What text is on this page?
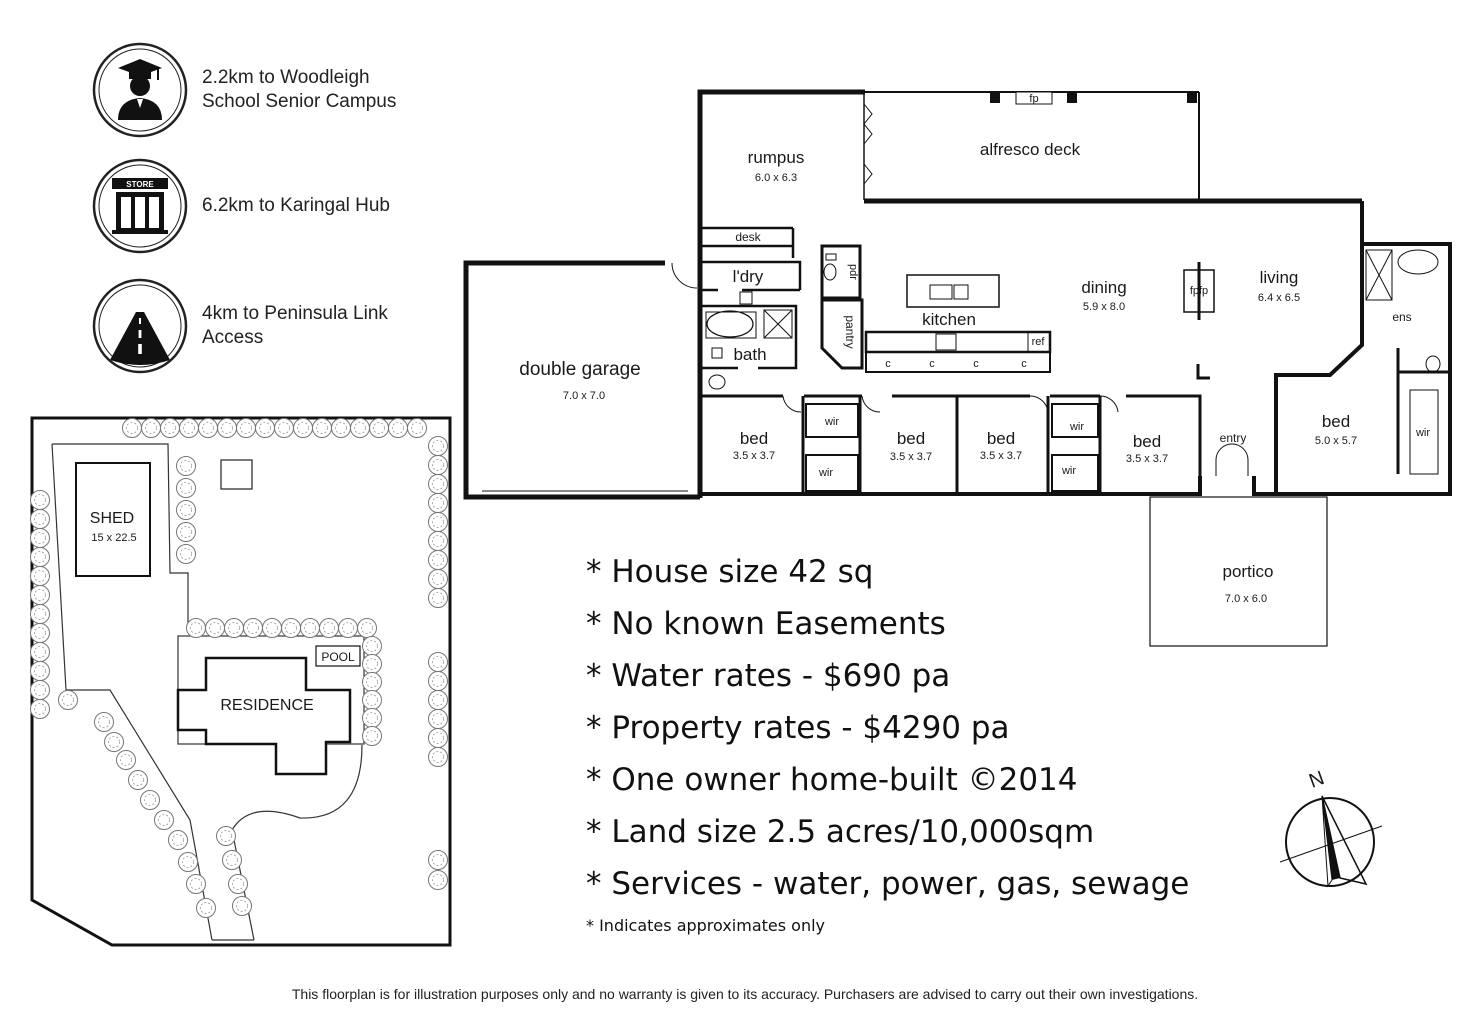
2.2km to Woodleigh
School Senior Campus
STORE
6.2km to Karingal Hub
4km to Peninsula Link
Access
SHED
15 x 22.5
POOL
RESIDENCE
fp
rumpus
6.0 x 6.3
alfresco deck
desk
l'dry	pdr
pantry	kitchen
dining
5.9 x 8.0
fpfp
living
6.4 x 6.5
ens
bath
ref
c	c	c	c
double garage
7.0 x 7.0
bed
3.5 x 3.7
wir
wir
bed
3.5 x 3.7
bed
3.5 x 3.7
wir
wir
bed
3.5 x 3.7
entry
bed
5.0 x 5.7
wir
portico
7.0 x 6.0
N
* House size 42 sq
* No known Easements
* Water rates - $690 pa
* Property rates - $4290 pa
* One owner home-built ©2014
* Land size 2.5 acres/10,000sqm
* Services - water, power, gas, sewage
* Indicates approximates only
This floorplan is for illustration purposes only and no warranty is given to its accuracy. Purchasers are advised to carry out their own investigations.
